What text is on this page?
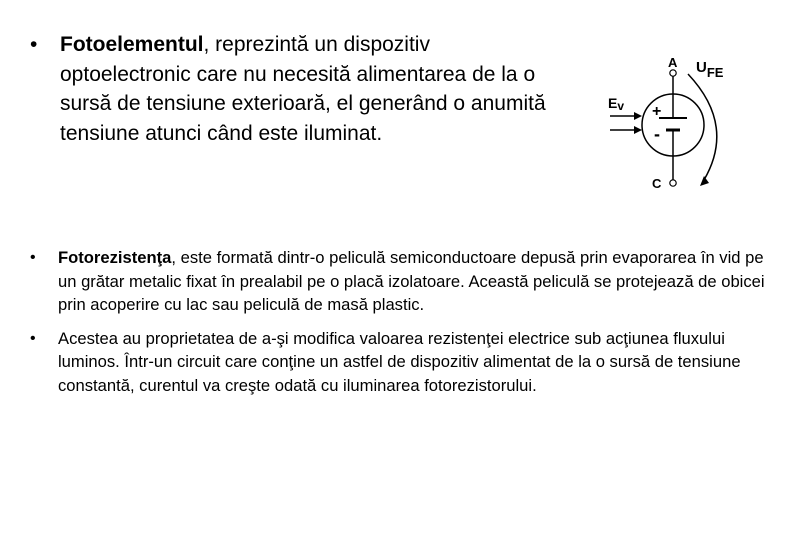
• Fotoelementul, reprezintă un dispozitiv optoelectronic care nu necesită alimentarea de la o sursă de tensiune exterioară, el generând o anumită tensiune atunci când este iluminat.
A
+
-
C
Ev
UFE
• Fotorezistenţa, este formată dintr-o peliculă semiconductoare depusă prin evaporarea în vid pe un grătar metalic fixat în prealabil pe o placă izolatoare. Această peliculă se protejează de obicei prin acoperire cu lac sau peliculă de masă plastic.
• Acestea au proprietatea de a-şi modifica valoarea rezistenţei electrice sub acţiunea fluxului luminos. Într-un circuit care conţine un astfel de dispozitiv alimentat de la o sursă de tensiune constantă, curentul va creşte odată cu iluminarea fotorezistorului.
